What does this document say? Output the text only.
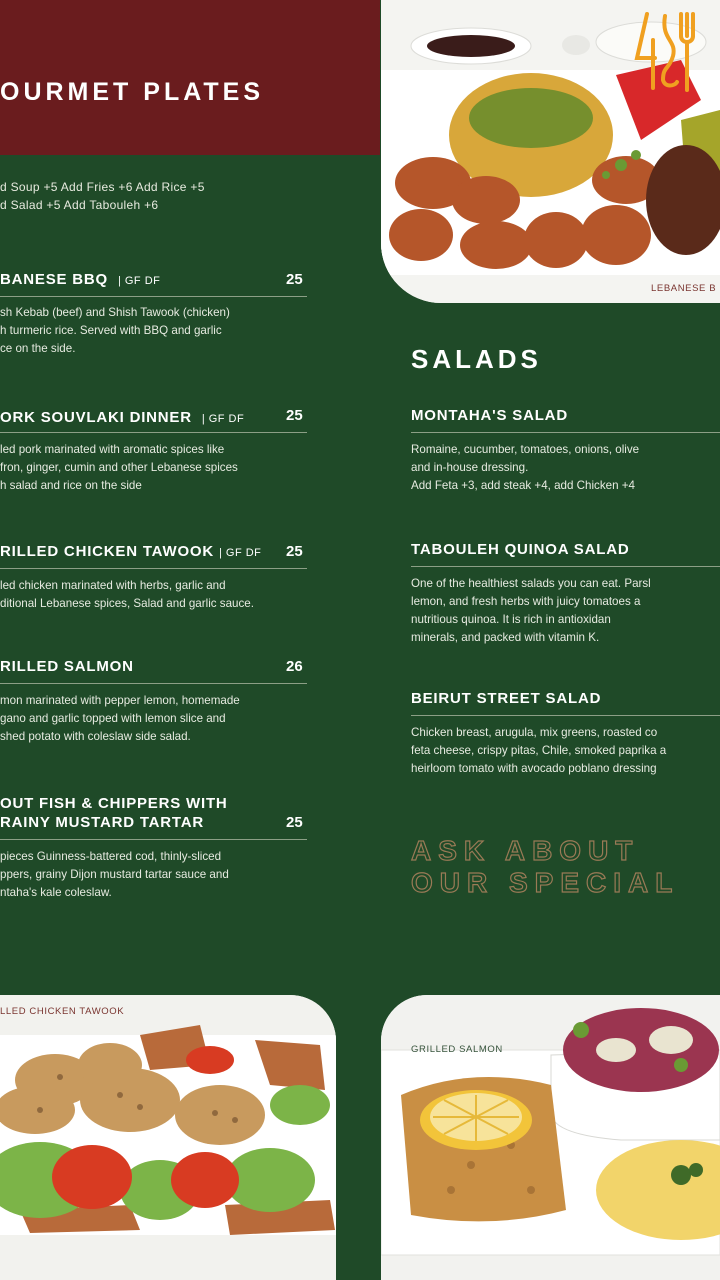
OURMET PLATES
d Soup +5 Add Fries +6 Add Rice +5
d Salad +5 Add Tabouleh +6
BANESE BBQ | GF DF	25
sh Kebab (beef) and Shish Tawook (chicken)
h turmeric rice. Served with BBQ and garlic
ce on the side.
ORK SOUVLAKI DINNER | GF DF	25
led pork marinated with aromatic spices like
fron, ginger, cumin and other Lebanese spices
h salad and rice on the side
RILLED CHICKEN TAWOOK | GF DF 25
led chicken marinated with herbs, garlic and
ditional Lebanese spices, Salad and garlic sauce.
RILLED SALMON	26
mon marinated with pepper lemon, homemade
gano and garlic topped with lemon slice and
shed potato with coleslaw side salad.
OUT FISH & CHIPPERS WITH
RAINY MUSTARD TARTAR	25
pieces Guinness-battered cod, thinly-sliced
ppers, grainy Dijon mustard tartar sauce and
ntaha's kale coleslaw.
LEBANESE B
SALADS
MONTAHA'S SALAD
Romaine, cucumber, tomatoes, onions, olive
and in-house dressing.
Add Feta +3, add steak +4, add Chicken +4
TABOULEH QUINOA SALAD
One of the healthiest salads you can eat. Parsl
lemon, and fresh herbs with juicy tomatoes a
nutritious quinoa. It is rich in antioxidan
minerals, and packed with vitamin K.
BEIRUT STREET SALAD
Chicken breast, arugula, mix greens, roasted co
feta cheese, crispy pitas, Chile, smoked paprika a
heirloom tomato with avocado poblano dressing
ASK ABOUT
OUR SPECIAL
LLED CHICKEN TAWOOK
GRILLED SALMON
